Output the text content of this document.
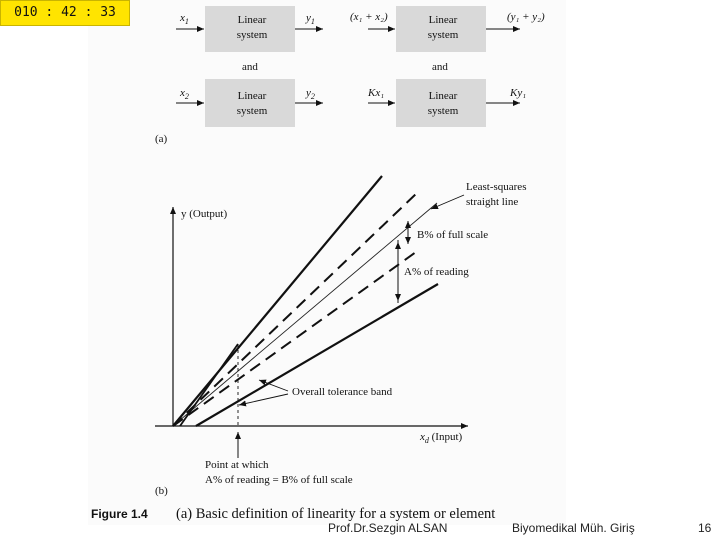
Linear
system
$x_1$	$y_1$	Linear
system
(x₁ + x₂)	(y₁ + y₂)
and	and
Linear
system
$x_2$	$y_2$	Linear
system
Kx₁	Ky₁
(a)
y (Output)
$x_d$ (Input)
Least-squares
straight line
B% of full scale
A% of reading
Overall tolerance band
Point at which
A% of reading = B% of full scale
(b)
Figure 1.4 (a) Basic definition of linearity for a system or element
010 : 42 : 33
Prof.Dr.Sezgin ALSAN	Biyomedikal Müh. Giriş	16
